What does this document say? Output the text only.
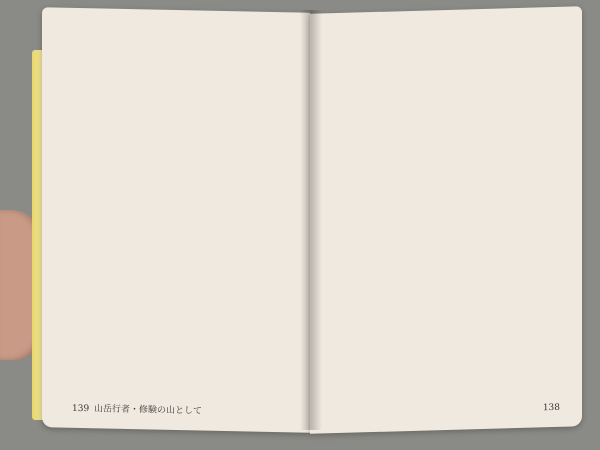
139 山岳行者・修験の山として	138
